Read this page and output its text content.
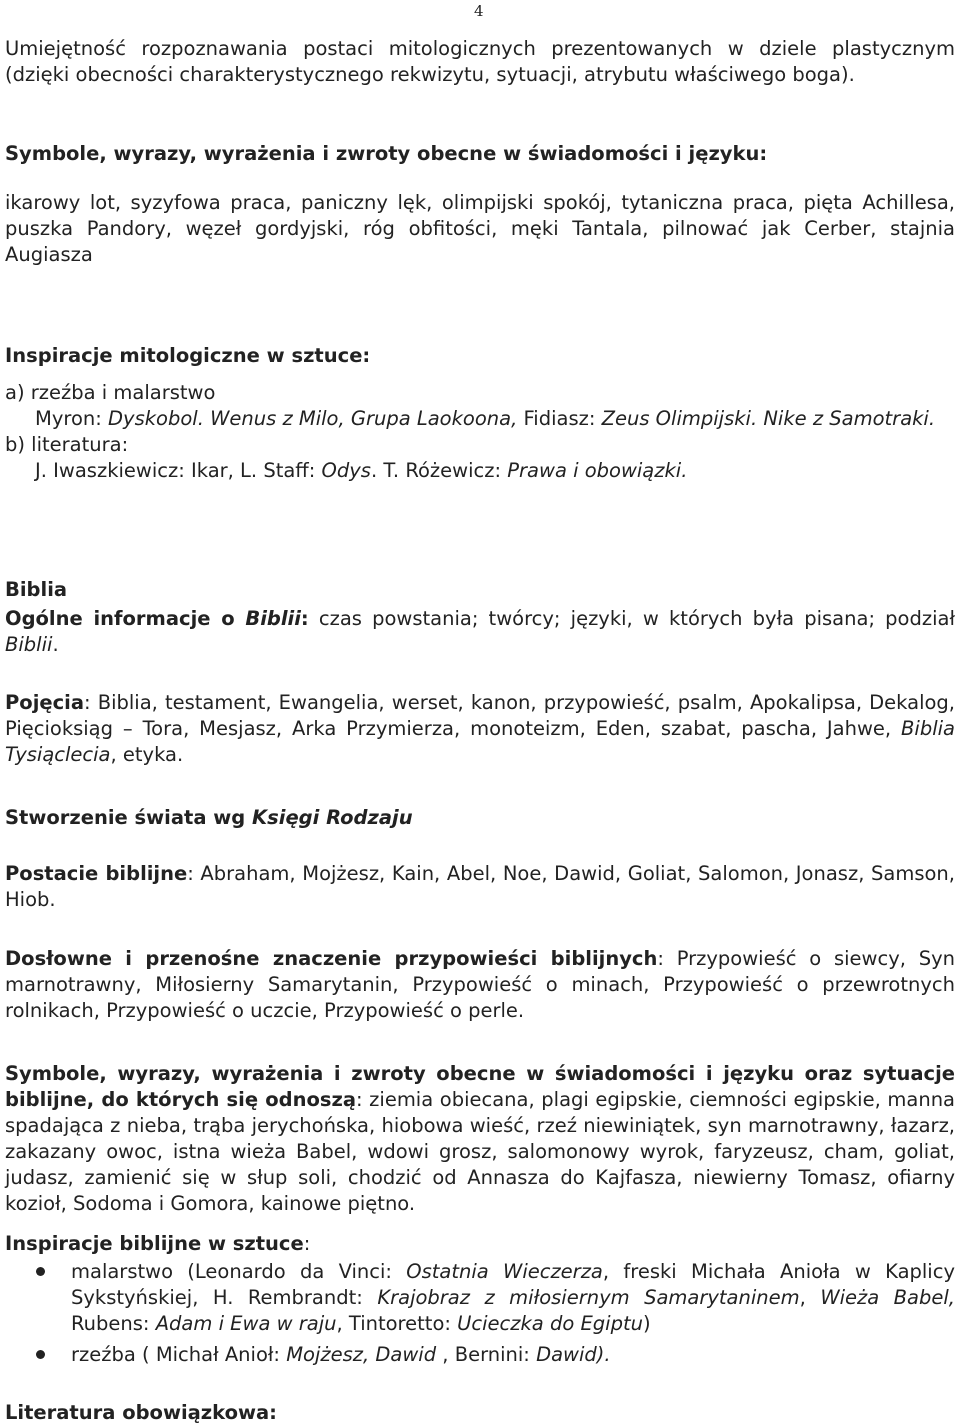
4
Umiejętność rozpoznawania postaci mitologicznych prezentowanych w dziele plastycznym (dzięki obecności charakterystycznego rekwizytu, sytuacji, atrybutu właściwego boga).
Symbole, wyrazy, wyrażenia i zwroty obecne w świadomości i języku:
ikarowy lot, syzyfowa praca, paniczny lęk, olimpijski spokój, tytaniczna praca, pięta Achillesa, puszka Pandory, węzeł gordyjski, róg obfitości, męki Tantala, pilnować jak Cerber, stajnia Augiasza
Inspiracje mitologiczne w sztuce:
a) rzeźba i malarstwo
Myron: Dyskobol. Wenus z Milo, Grupa Laokoona, Fidiasz: Zeus Olimpijski. Nike z Samotraki.
b) literatura:
J. Iwaszkiewicz: Ikar, L. Staff: Odys. T. Różewicz: Prawa i obowiązki.
Biblia
Ogólne informacje o Biblii: czas powstania; twórcy; języki, w których była pisana; podział Biblii.
Pojęcia: Biblia, testament, Ewangelia, werset, kanon, przypowieść, psalm, Apokalipsa, Dekalog, Pięcioksiąg – Tora, Mesjasz, Arka Przymierza, monoteizm, Eden, szabat, pascha, Jahwe, Biblia Tysiąclecia, etyka.
Stworzenie świata wg Księgi Rodzaju
Postacie biblijne: Abraham, Mojżesz, Kain, Abel, Noe, Dawid, Goliat, Salomon, Jonasz, Samson, Hiob.
Dosłowne i przenośne znaczenie przypowieści biblijnych: Przypowieść o siewcy, Syn marnotrawny, Miłosierny Samarytanin, Przypowieść o minach, Przypowieść o przewrotnych rolnikach, Przypowieść o uczcie, Przypowieść o perle.
Symbole, wyrazy, wyrażenia i zwroty obecne w świadomości i języku oraz sytuacje biblijne, do których się odnoszą: ziemia obiecana, plagi egipskie, ciemności egipskie, manna spadająca z nieba, trąba jerychońska, hiobowa wieść, rzeź niewiniątek, syn marnotrawny, łazarz, zakazany owoc, istna wieża Babel, wdowi grosz, salomonowy wyrok, faryzeusz, cham, goliat, judasz, zamienić się w słup soli, chodzić od Annasza do Kajfasza, niewierny Tomasz, ofiarny kozioł, Sodoma i Gomora, kainowe piętno.
Inspiracje biblijne w sztuce:
malarstwo (Leonardo da Vinci: Ostatnia Wieczerza, freski Michała Anioła w Kaplicy Sykstyńskiej, H. Rembrandt: Krajobraz z miłosiernym Samarytaninem, Wieża Babel, Rubens: Adam i Ewa w raju, Tintoretto: Ucieczka do Egiptu)
rzeźba ( Michał Anioł: Mojżesz, Dawid , Bernini: Dawid).
Literatura obowiązkowa:
